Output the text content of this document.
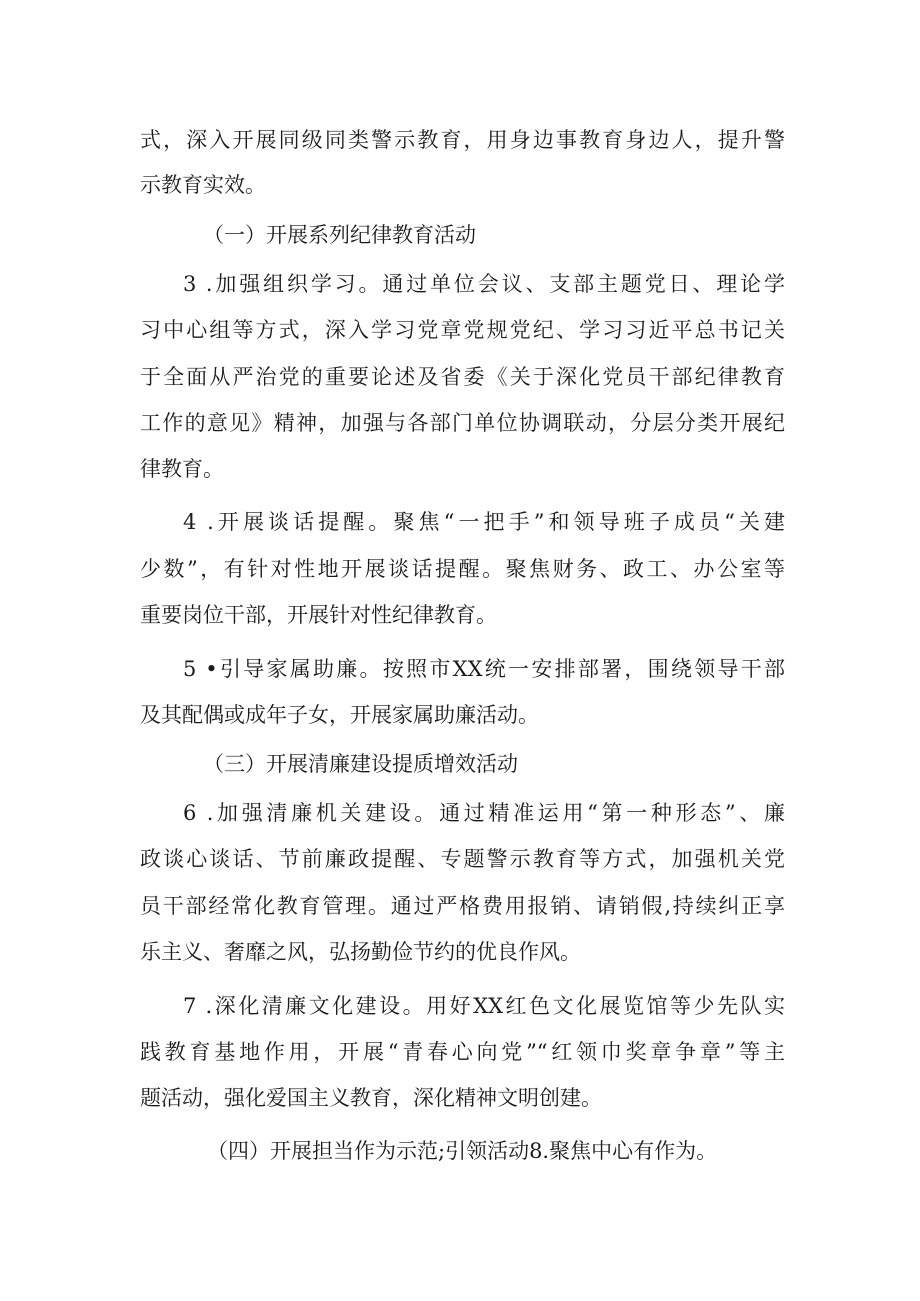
式，深入开展同级同类警示教育，用身边事教育身边人，提升警
示教育实效。
（一）开展系列纪律教育活动
3 .加强组织学习。通过单位会议、支部主题党日、理论学
习中心组等方式，深入学习党章党规党纪、学习习近平总书记关
于全面从严治党的重要论述及省委《关于深化党员干部纪律教育
工作的意见》精神，加强与各部门单位协调联动，分层分类开展纪
律教育。
4 .开展谈话提醒。聚焦“一把手”和领导班子成员“关建
少数”，有针对性地开展谈话提醒。聚焦财务、政工、办公室等
重要岗位干部，开展针对性纪律教育。
5 •引导家属助廉。按照市XX统一安排部署，围绕领导干部
及其配偶或成年子女，开展家属助廉活动。
（三）开展清廉建设提质增效活动
6 .加强清廉机关建设。通过精准运用“第一种形态”、廉
政谈心谈话、节前廉政提醒、专题警示教育等方式，加强机关党
员干部经常化教育管理。通过严格费用报销、请销假,持续纠正享
乐主义、奢靡之风，弘扬勤俭节约的优良作风。
7 .深化清廉文化建设。用好XX红色文化展览馆等少先队实
践教育基地作用，开展“青春心向党”“红领巾奖章争章”等主
题活动，强化爱国主义教育，深化精神文明创建。
（四）开展担当作为示范;引领活动8.聚焦中心有作为。
